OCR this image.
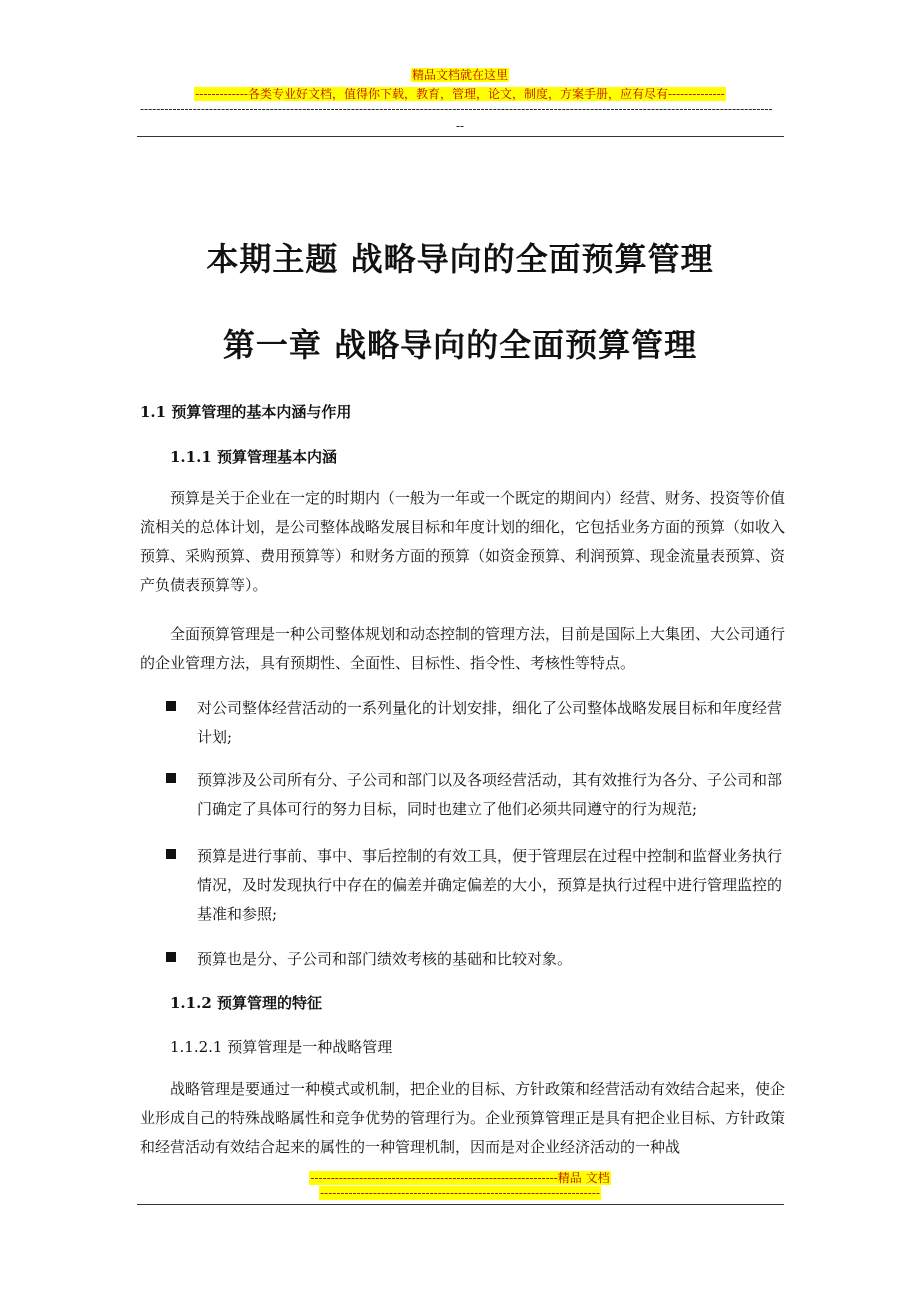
精品文档就在这里
-------------各类专业好文档，值得你下载，教育，管理，论文，制度，方案手册，应有尽有--------------
------------------------------------------------------------------------------------------------------------------------------------------------------------
--
本期主题 战略导向的全面预算管理
第一章 战略导向的全面预算管理
1.1 预算管理的基本内涵与作用
1.1.1 预算管理基本内涵
预算是关于企业在一定的时期内（一般为一年或一个既定的期间内）经营、财务、投资等价值流相关的总体计划，是公司整体战略发展目标和年度计划的细化，它包括业务方面的预算（如收入预算、采购预算、费用预算等）和财务方面的预算（如资金预算、利润预算、现金流量表预算、资产负债表预算等）。
全面预算管理是一种公司整体规划和动态控制的管理方法，目前是国际上大集团、大公司通行的企业管理方法，具有预期性、全面性、目标性、指令性、考核性等特点。
对公司整体经营活动的一系列量化的计划安排，细化了公司整体战略发展目标和年度经营计划;
预算涉及公司所有分、子公司和部门以及各项经营活动，其有效推行为各分、子公司和部门确定了具体可行的努力目标，同时也建立了他们必须共同遵守的行为规范;
预算是进行事前、事中、事后控制的有效工具，便于管理层在过程中控制和监督业务执行情况，及时发现执行中存在的偏差并确定偏差的大小，预算是执行过程中进行管理监控的基准和参照;
预算也是分、子公司和部门绩效考核的基础和比较对象。
1.1.2 预算管理的特征
1.1.2.1 预算管理是一种战略管理
战略管理是要通过一种模式或机制，把企业的目标、方针政策和经营活动有效结合起来，使企业形成自己的特殊战略属性和竞争优势的管理行为。企业预算管理正是具有把企业目标、方针政策和经营活动有效结合起来的属性的一种管理机制，因而是对企业经济活动的一种战
-------------------------------------------------------------精品 文档
---------------------------------------------------------------------
